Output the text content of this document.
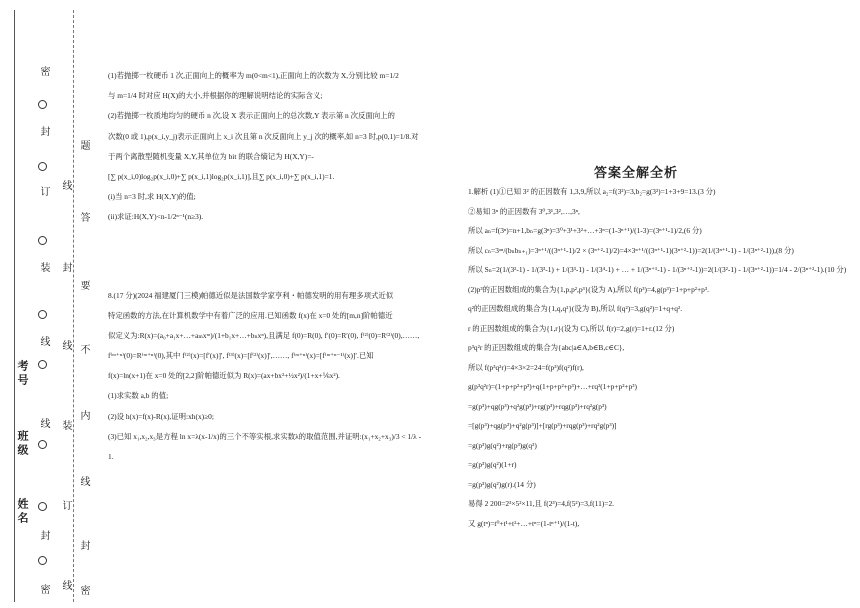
密
封
线
线
装
订
封
密
姓名
班级
考号
线
订
装
线
封
线
密
封
线
内
不
要
答
题

(1)若抛掷一枚硬币 1 次,正面向上的概率为 m(0<m<1),正面向上的次数为 X,分别比较 m=1/2

与 m=1/4 时对应 H(X)的大小,并根据你的理解说明结论的实际含义;

(2)若抛掷一枚质地均匀的硬币 n 次,设 X 表示正面向上的总次数,Y 表示第 n 次反面向上的

次数(0 或 1),p(x_i,y_j)表示正面向上 x_i 次且第 n 次反面向上 y_j 次的概率,如 n=3 时,p(0,1)=1/8.对

于两个离散型随机变量 X,Y,其单位为 bit 的联合熵记为 H(X,Y)=-

[∑ p(x_i,0)log₂p(x_i,0)+∑ p(x_i,1)log₂p(x_i,1)],且∑ p(x_i,0)+∑ p(x_i,1)=1.

(i)当 n=3 时,求 H(X,Y)的值;

(ii)求证:H(X,Y)<n-1/2ⁿ⁻¹(n≥3).

8.(17 分)(2024 福建厦门三模)帕德近似是法国数学家亨利・帕德发明的用有理多项式近似

特定函数的方法,在计算机数学中有着广泛的应用.已知函数 f(x)在 x=0 处的[m,n]阶帕德近

似定义为:R(x)=(a₀+a₁x+…+aₘxᵐ)/(1+b₁x+…+bₙxⁿ),且满足 f(0)=R(0), f′(0)=R′(0), f⁽²⁾(0)=R⁽²⁾(0),……,

f⁽ᵐ⁺ⁿ⁾(0)=R⁽ᵐ⁺ⁿ⁾(0),其中 f⁽²⁾(x)=[f′(x)]′, f⁽³⁾(x)=[f⁽²⁾(x)]′,……, f⁽ᵐ⁺ⁿ⁾(x)=[f⁽ᵐ⁺ⁿ⁻¹⁾(x)]′.已知

f(x)=ln(x+1)在 x=0 处的[2,2]阶帕德近似为 R(x)=(ax+bx²+½x²)/(1+x+⅙x²).

(1)求实数 a,b 的值;

(2)设 h(x)=f(x)-R(x),证明:xh(x)≥0;

(3)已知 x₁,x₂,x₃是方程 ln x=λ(x-1/x)的三个不等实根,求实数λ的取值范围,并证明:(x₁+x₂+x₃)/3 < 1/λ -

1.

答案全解全析

1.解析 (1)①已知 3² 的正因数有 1,3,9,所以 a₂=f(3²)=3,b₂=g(3²)=1+3+9=13.(3 分)

②易知 3ⁿ 的正因数有 3⁰,3¹,3²,…,3ⁿ,

所以 aₙ=f(3ⁿ)=n+1,bₙ=g(3ⁿ)=3⁰+3¹+3²+…+3ⁿ=(1-3ⁿ⁺¹)/(1-3)=(3ⁿ⁺¹-1)/2,(6 分)

所以 cₙ=3ᵃⁿ/(bₙbₙ₊₁)=3ⁿ⁺¹/((3ⁿ⁺¹-1)/2 × (3ⁿ⁺²-1)/2)=4×3ⁿ⁺¹/((3ⁿ⁺¹-1)(3ⁿ⁺²-1))=2(1/(3ⁿ⁺¹-1) - 1/(3ⁿ⁺²-1)),(8 分)

所以 Sₙ=2(1/(3²-1) - 1/(3³-1) + 1/(3³-1) - 1/(3⁴-1) + … + 1/(3ⁿ⁺¹-1) - 1/(3ⁿ⁺²-1))=2(1/(3²-1) - 1/(3ⁿ⁺²-1))=1/4 - 2/(3ⁿ⁺²-1).(10 分)

(2)p³的正因数组成的集合为{1,p,p²,p³}(设为 A),所以 f(p³)=4,g(p³)=1+p+p²+p³.

q²的正因数组成的集合为{1,q,q²}(设为 B),所以 f(q²)=3,g(q²)=1+q+q².

r 的正因数组成的集合为{1,r}(设为 C),所以 f(r)=2,g(r)=1+r.(12 分)

p³q²r 的正因数组成的集合为{abc|a∈A,b∈B,c∈C},

所以 f(p³q²r)=4×3×2=24=f(p³)f(q²)f(r),

g(p³q²r)=(1+p+p²+p³)+q(1+p+p²+p³)+…+rq²(1+p+p²+p³)

=g(p³)+qg(p³)+q²g(p³)+rg(p³)+rqg(p³)+rq²g(p³)

=[g(p³)+qg(p³)+q²g(p³)]+[rg(p³)+rqg(p³)+rq²g(p³)]

=g(p³)g(q²)+rg(p³)g(q²)

=g(p³)g(q²)(1+r)

=g(p³)g(q²)g(r).(14 分)

易得 2 200=2³×5²×11,且 f(2³)=4,f(5²)=3,f(11)=2.

又 g(tⁿ)=t⁰+t¹+t²+…+tⁿ=(1-tⁿ⁺¹)/(1-t),
